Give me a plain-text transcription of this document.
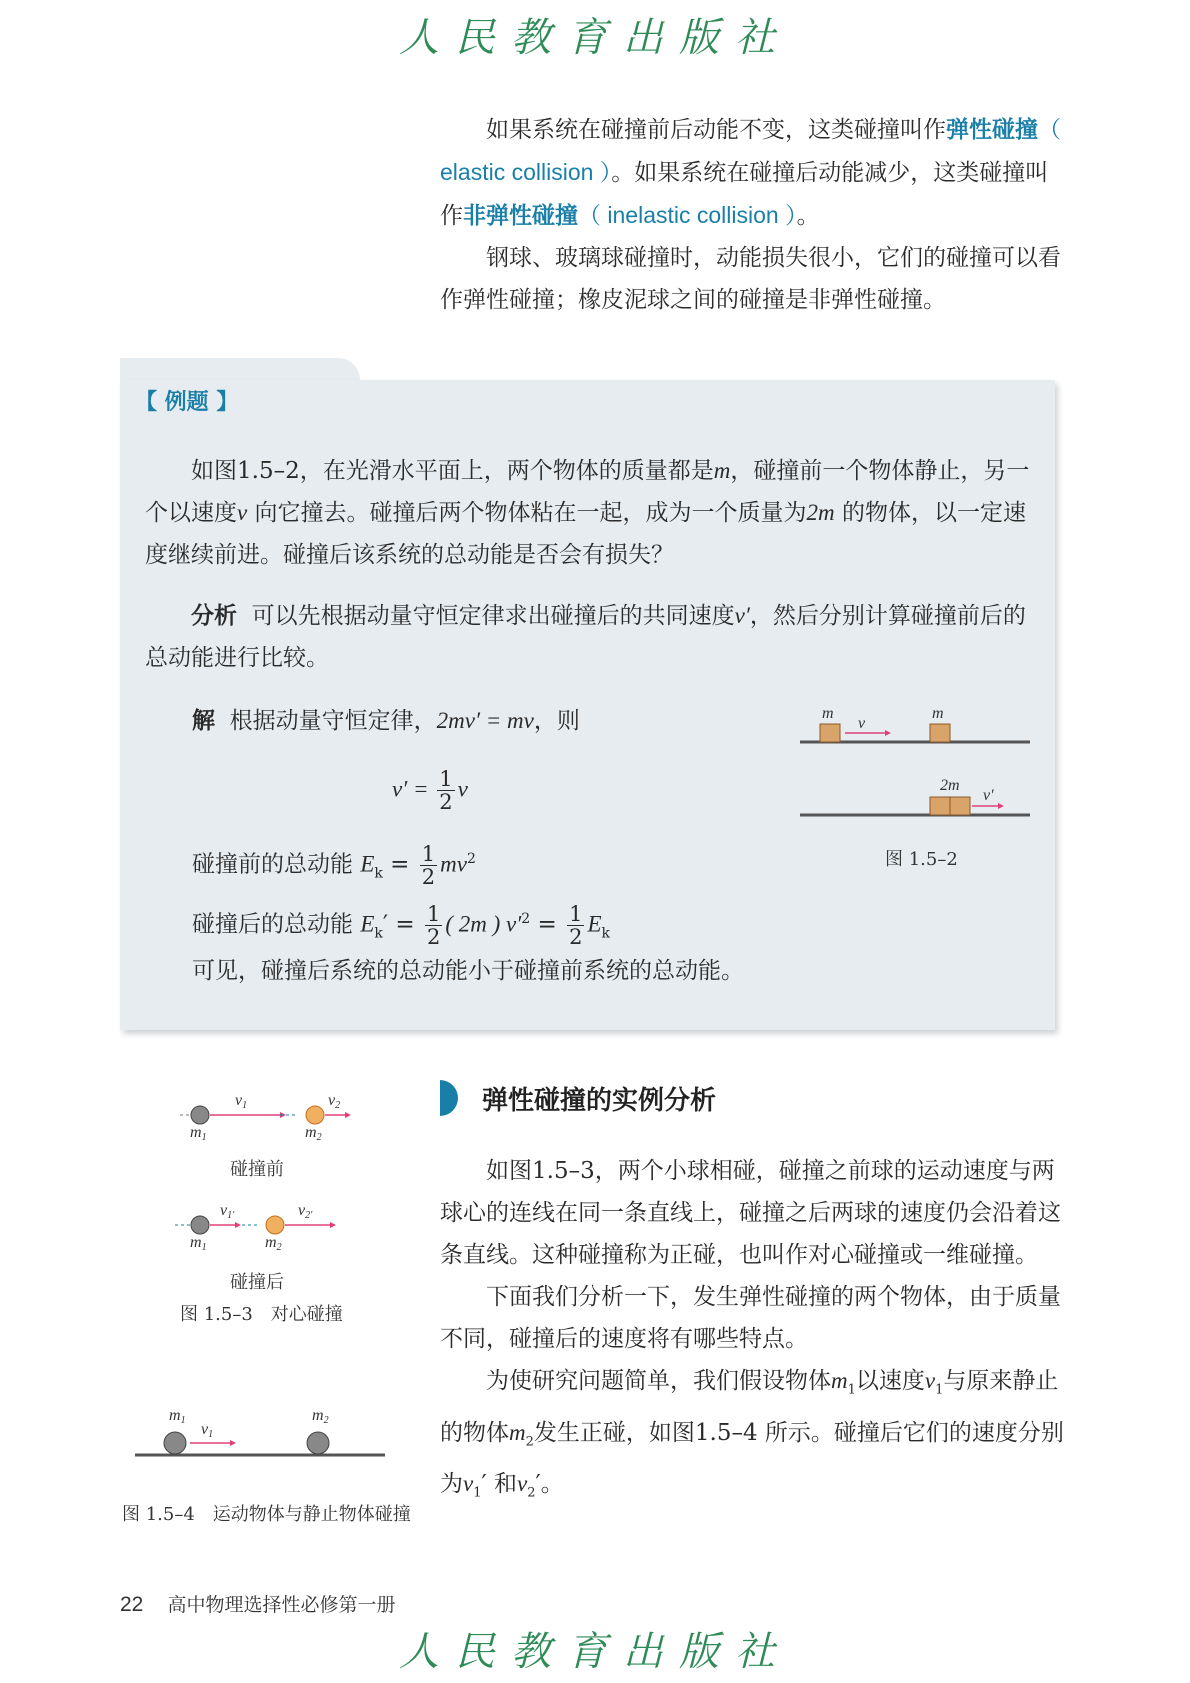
人民教育出版社

如果系统在碰撞前后动能不变，这类碰撞叫作弹性碰撞（ elastic collision ）。如果系统在碰撞后动能减少，这类碰撞叫作非弹性碰撞（ inelastic collision ）。

钢球、玻璃球碰撞时，动能损失很小，它们的碰撞可以看作弹性碰撞；橡皮泥球之间的碰撞是非弹性碰撞。

【 例题 】

如图1.5–2，在光滑水平面上，两个物体的质量都是m，碰撞前一个物体静止，另一个以速度v 向它撞去。碰撞后两个物体粘在一起，成为一个质量为2m 的物体，以一定速度继续前进。碰撞后该系统的总动能是否会有损失？

分析 可以先根据动量守恒定律求出碰撞后的共同速度v′，然后分别计算碰撞前后的总动能进行比较。

解 根据动量守恒定律，2mv′ = mv，则
$v' = \frac{1}{2}$ v
碰撞前的总动能 $E_k = \frac{1}{2} mv^2$
碰撞后的总动能 $E_k' = \frac{1}{2}$ ( 2m ) $v'^2 = \frac{1}{2} E_k$
可见，碰撞后系统的总动能小于碰撞前系统的总动能。
m
v
m
2m
v′
图 1.5–2
v1	v2
m1	m2
v1′	v2′
m1	m2
碰撞前
碰撞后
图 1.5–3　对心碰撞
m1
v1
m2
图 1.5–4　运动物体与静止物体碰撞
弹性碰撞的实例分析

如图1.5–3，两个小球相碰，碰撞之前球的运动速度与两球心的连线在同一条直线上，碰撞之后两球的速度仍会沿着这条直线。这种碰撞称为正碰，也叫作对心碰撞或一维碰撞。

下面我们分析一下，发生弹性碰撞的两个物体，由于质量不同，碰撞后的速度将有哪些特点。

为使研究问题简单，我们假设物体$m_1$以速度$v_1$与原来静止的物体$m_2$发生正碰，如图1.5–4 所示。碰撞后它们的速度分别为$v_1'$ 和$v_2'$。

22 高中物理选择性必修第一册
人民教育出版社
